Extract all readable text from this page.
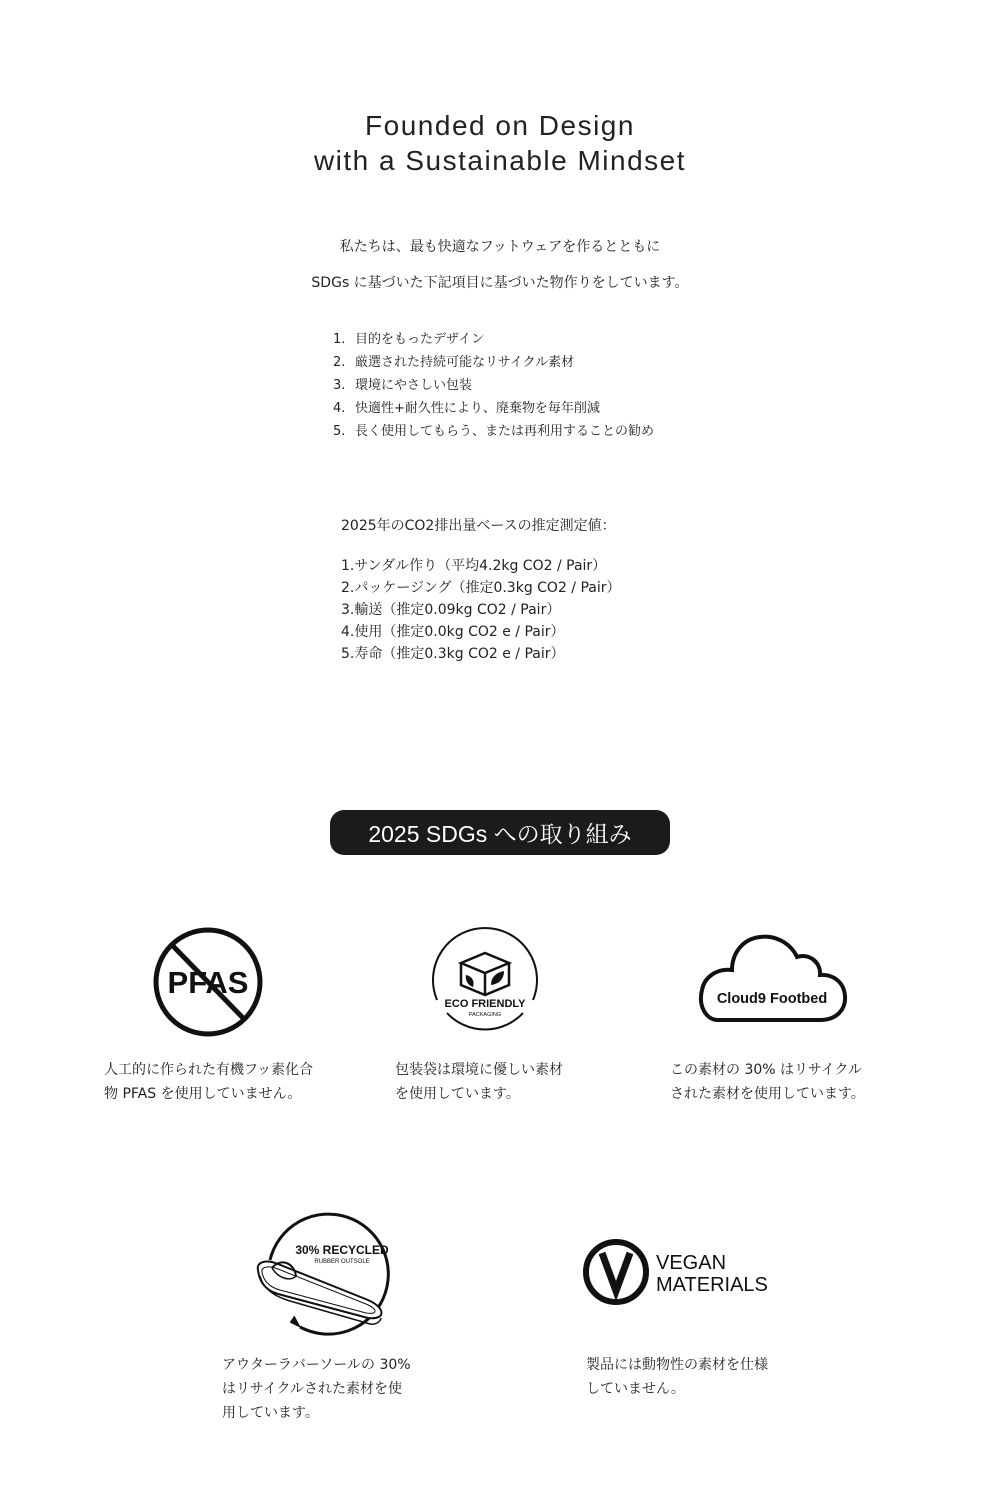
Founded on Design
with a Sustainable Mindset
私たちは、最も快適なフットウェアを作るとともに
SDGs に基づいた下記項目に基づいた物作りをしています。
1. 目的をもったデザイン
2. 厳選された持続可能なリサイクル素材
3. 環境にやさしい包装
4. 快適性+耐久性により、廃棄物を毎年削減
5. 長く使用してもらう、または再利用することの勧め
2025年のCO2排出量ベースの推定測定値：
1.サンダル作り（平均4.2kg CO2 / Pair）
2.パッケージング（推定0.3kg CO2 / Pair）
3.輸送（推定0.09kg CO2 / Pair）
4.使用（推定0.0kg CO2 e / Pair）
5.寿命（推定0.3kg CO2 e / Pair）
2025 SDGs への取り組み
PFAS
人工的に作られた有機フッ素化合
物 PFAS を使用していません。
ECO FRIENDLY
PACKAGING
包装袋は環境に優しい素材
を使用しています。
Cloud9 Footbed
この素材の 30% はリサイクル
された素材を使用しています。
30% RECYCLED
RUBBER OUTSOLE
アウターラバーソールの 30%
はリサイクルされた素材を使
用しています。
VEGAN
MATERIALS
製品には動物性の素材を仕様
していません。
